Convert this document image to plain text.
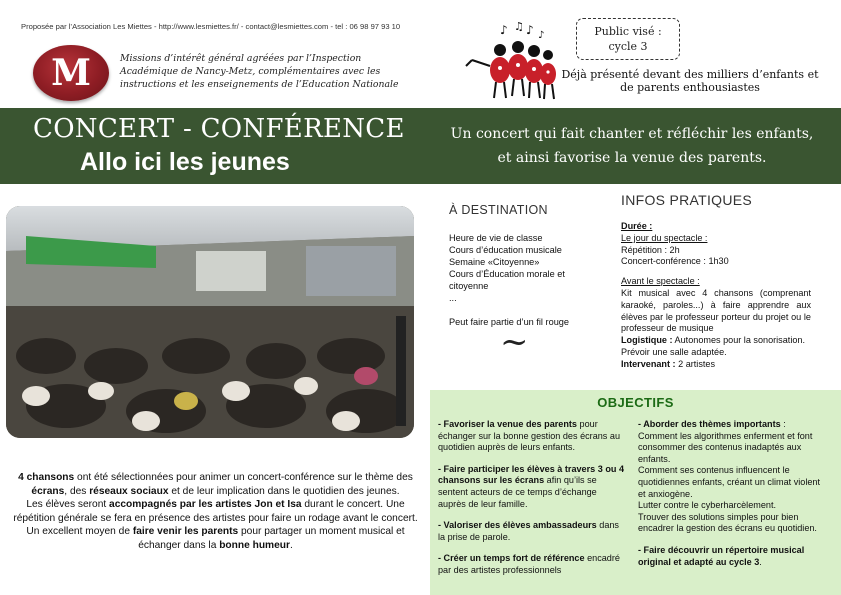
Proposée par l’Association Les Miettes - http://www.lesmiettes.fr/ - contact@lesmiettes.com - tel : 06 98 97 93 10
M	Missions d’intérêt général agréées par l’Inspection Académique de Nancy-Metz, complémentaires avec les instructions et les enseignements de l’Education Nationale
♪ ♫ ♪ ♪	Public visé :
cycle 3
Déjà présenté devant des milliers d’enfants et de parents enthousiastes
CONCERT - CONFÉRENCE
Allo ici les jeunes
Un concert qui fait chanter et réfléchir les enfants,
et ainsi favorise la venue des parents.

4 chansons ont été sélectionnées pour animer un concert-conférence sur le thème des écrans, des réseaux sociaux et de leur implication dans le quotidien des jeunes.

Les élèves seront accompagnés par les artistes Jon et Isa durant le concert. Une répétition générale se fera en présence des artistes pour faire un rodage avant le concert.

Un excellent moyen de faire venir les parents pour partager un moment musical et échanger dans la bonne humeur.

À DESTINATION
Heure de vie de classe
Cours d’éducation musicale
Semaine «Citoyenne»
Cours d’Éducation morale et citoyenne
...
Peut faire partie d’un fil rouge
~
INFOS PRATIQUES
Durée :
Le jour du spectacle :
Répétition : 2h
Concert-conférence : 1h30
Avant le spectacle :
Kit musical avec 4 chansons (comprenant karaoké, paroles...) à faire apprendre aux élèves par le professeur porteur du projet ou le professeur de musique
Logistique : Autonomes pour la sonorisation. Prévoir une salle adaptée.
Intervenant : 2 artistes
OBJECTIFS
- Favoriser la venue des parents pour échanger sur la bonne gestion des écrans au quotidien auprès de leurs enfants.
- Faire participer les élèves à travers 3 ou 4 chansons sur les écrans afin qu’ils se sentent acteurs de ce temps d’échange auprès de leur famille.
- Valoriser des élèves ambassadeurs dans la prise de parole.
- Créer un temps fort de référence encadré par des artistes professionnels
- Aborder des thèmes importants :
Comment les algorithmes enferment et font consommer des contenus inadaptés aux enfants.
Comment ses contenus influencent le quotidiennes enfants, créant un climat violent et anxiogène.
Lutter contre le cyberharcèlement.
Trouver des solutions simples pour bien encadrer la gestion des écrans eu quotidien.
- Faire découvrir un répertoire musical original et adapté au cycle 3.
